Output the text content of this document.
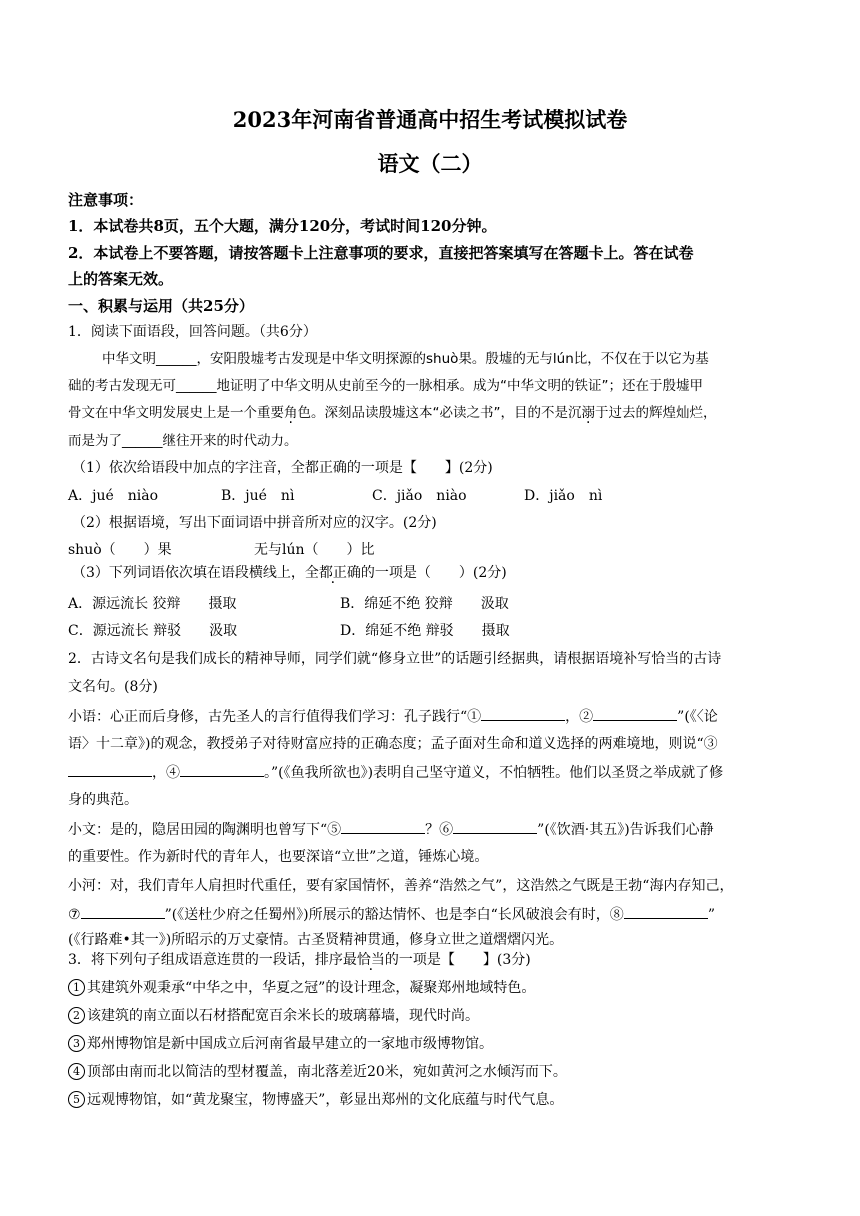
2023年河南省普通高中招生考试模拟试卷
语文（二）
注意事项：
1．本试卷共8页，五个大题，满分120分，考试时间120分钟。
2．本试卷上不要答题，请按答题卡上注意事项的要求，直接把答案填写在答题卡上。答在试卷
上的答案无效。
一、积累与运用（共25分）
1．阅读下面语段，回答问题。（共6分）
中华文明______，安阳殷墟考古发现是中华文明探源的shuò果。殷墟的无与lún比，不仅在于以它为基
础的考古发现无可______地证明了中华文明从史前至今的一脉相承。成为“中华文明的铁证”；还在于殷墟甲
骨文在中华文明发展史上是一个重要角色。深刻品读殷墟这本“必读之书”，目的不是沉溺于过去的辉煌灿烂，
而是为了______继往开来的时代动力。
（1）依次给语段中加点的字注音，全都正确的一项是【　　】(2分)
A．jué　niào	B．jué　nì	C．jiǎo　niào	D．jiǎo　nì
（2）根据语境，写出下面词语中拼音所对应的汉字。(2分)
shuò（　　）果	无与lún（　　）比
（3）下列词语依次填在语段横线上，全都正确的一项是（　　）(2分)
A．源远流长 狡辩　　摄取	B．绵延不绝 狡辩　　汲取
C．源远流长 辩驳　　汲取	D．绵延不绝 辩驳　　摄取
2．古诗文名句是我们成长的精神导师，同学们就“修身立世”的话题引经据典，请根据语境补写恰当的古诗
文名句。(8分)
小语：心正而后身修，古先圣人的言行值得我们学习：孔子践行“①	，②	”(《〈论
语〉十二章》)的观念，教授弟子对待财富应持的正确态度；孟子面对生命和道义选择的两难境地，则说“③
，④	。”(《鱼我所欲也》)表明自己坚守道义，不怕牺牲。他们以圣贤之举成就了修
身的典范。
小文：是的，隐居田园的陶渊明也曾写下“⑤	？⑥	”(《饮酒·其五》)告诉我们心静
的重要性。作为新时代的青年人，也要深谙“立世”之道，锤炼心境。
小河：对，我们青年人肩担时代重任，要有家国情怀，善养“浩然之气”，这浩然之气既是王勃“海内存知己，
⑦	”(《送杜少府之任蜀州》)所展示的豁达情怀、也是李白“长风破浪会有时，⑧	”
(《行路难•其一》)所昭示的万丈豪情。古圣贤精神贯通，修身立世之道熠熠闪光。
3．将下列句子组成语意连贯的一段话，排序最恰当的一项是【　　】(3分)
1 其建筑外观秉承“中华之中，华夏之冠”的设计理念，凝聚郑州地域特色。
2 该建筑的南立面以石材搭配宽百余米长的玻璃幕墙，现代时尚。
3 郑州博物馆是新中国成立后河南省最早建立的一家地市级博物馆。
4 顶部由南而北以简洁的型材覆盖，南北落差近20米，宛如黄河之水倾泻而下。
5 远观博物馆，如“黄龙聚宝，物博盛天”，彰显出郑州的文化底蕴与时代气息。
